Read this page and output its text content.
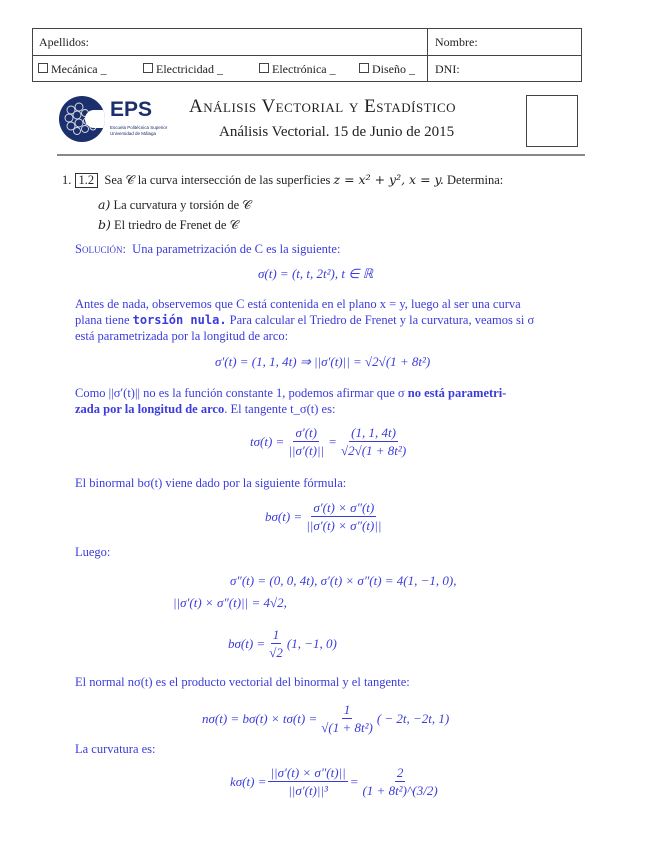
Apellidos:	Nombre:
Mecánica _	Electricidad _	Electrónica _	Diseño _ DNI:
EPS
Escuela Politécnica Superior
Universidad de Málaga
Análisis Vectorial y Estadístico
Análisis Vectorial. 15 de Junio de 2015
1. 1.2 Sea 𝒞 la curva intersección de las superficies z = x² + y², x = y. Determina:
a) La curvatura y torsión de 𝒞
b) El triedro de Frenet de 𝒞
Solución: Una parametrización de C es la siguiente:
σ(t) = (t, t, 2t²), t ∈ ℝ
Antes de nada, observemos que C está contenida en el plano x = y, luego al ser una curva
plana tiene torsión nula. Para calcular el Triedro de Frenet y la curvatura, veamos si σ
está parametrizada por la longitud de arco:
σ′(t) = (1, 1, 4t) ⇒ ||σ′(t)|| = √2√(1 + 8t²)
Como ||σ′(t)|| no es la función constante 1, podemos afirmar que σ no está parametri-
zada por la longitud de arco. El tangente t_σ(t) es:
$t\sigma(t) = \frac{\sigma'(t)}{||\sigma'(t)||} = \frac{(1, 1, 4t)}{\text{√2√(1 + 8t²)}}$
El binormal bσ(t) viene dado por la siguiente fórmula:
$b\sigma(t) = \frac{\sigma'(t) \times \sigma''(t)}{||\sigma'(t) \times \sigma''(t)||}$
Luego:
σ″(t) = (0, 0, 4t), σ′(t) × σ″(t) = 4(1, −1, 0),
||σ′(t) × σ″(t)|| = 4√2,
$b\sigma(t) = \frac{1}{√2} (1$, −1, 0)
El normal nσ(t) es el producto vectorial del binormal y el tangente:
$n\sigma(t) = b\sigma(t) \times t\sigma(t) = \frac{1}{\text{√(1 + 8t²)}}$ ( − 2t, −2t, 1)
La curvatura es:
$k\sigma(t) = \frac{||\sigma'(t) \times \sigma''(t)||}{\text{||σ′(t)||³}} = \frac{2}{\text{(1 + 8t²)\textasciicircum{}(3/2)}}$
